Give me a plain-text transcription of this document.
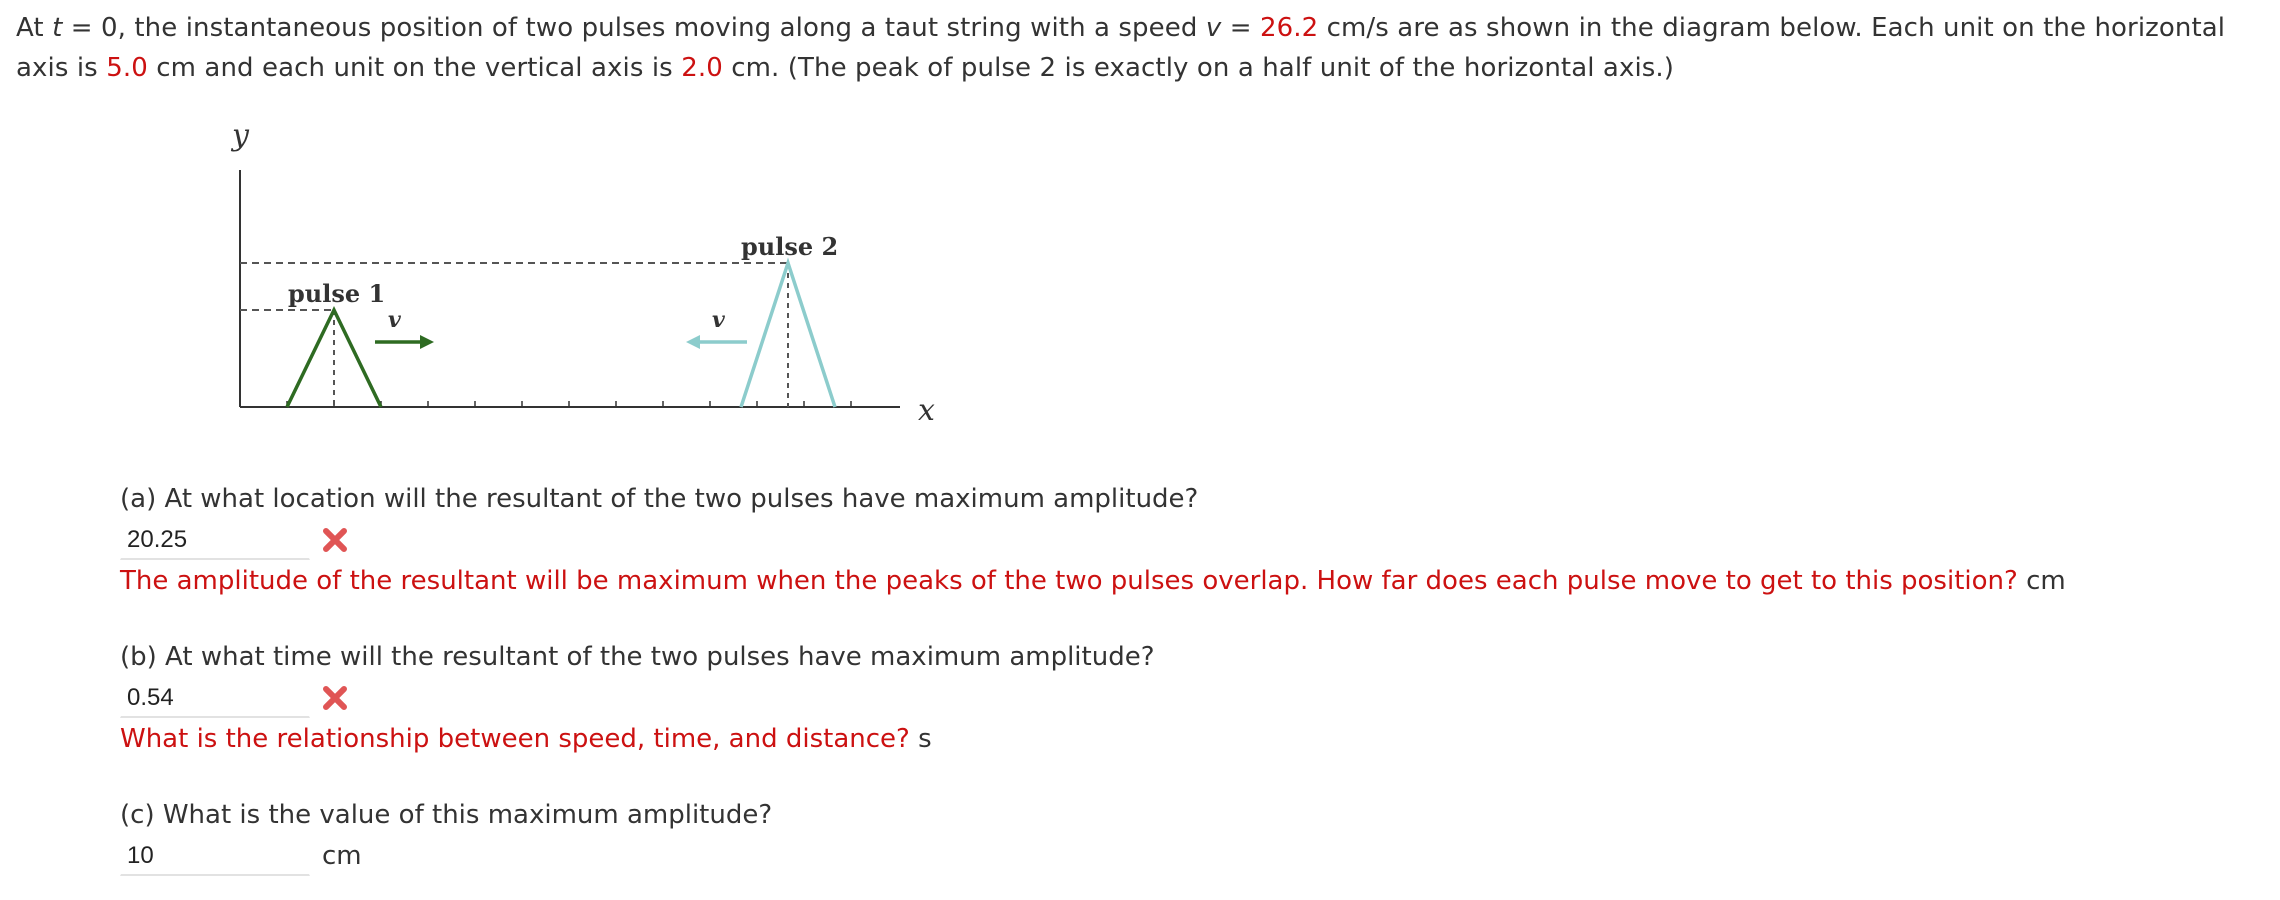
At t = 0, the instantaneous position of two pulses moving along a taut string with a speed v = 26.2 cm/s are as shown in the diagram below. Each unit on the horizontal axis is 5.0 cm and each unit on the vertical axis is 2.0 cm. (The peak of pulse 2 is exactly on a half unit of the horizontal axis.)
y
x
pulse 1
v
pulse 2
v
(a) At what location will the resultant of the two pulses have maximum amplitude?
20.25
The amplitude of the resultant will be maximum when the peaks of the two pulses overlap. How far does each pulse move to get to this position? cm
(b) At what time will the resultant of the two pulses have maximum amplitude?
0.54
What is the relationship between speed, time, and distance? s
(c) What is the value of this maximum amplitude?
10
cm
